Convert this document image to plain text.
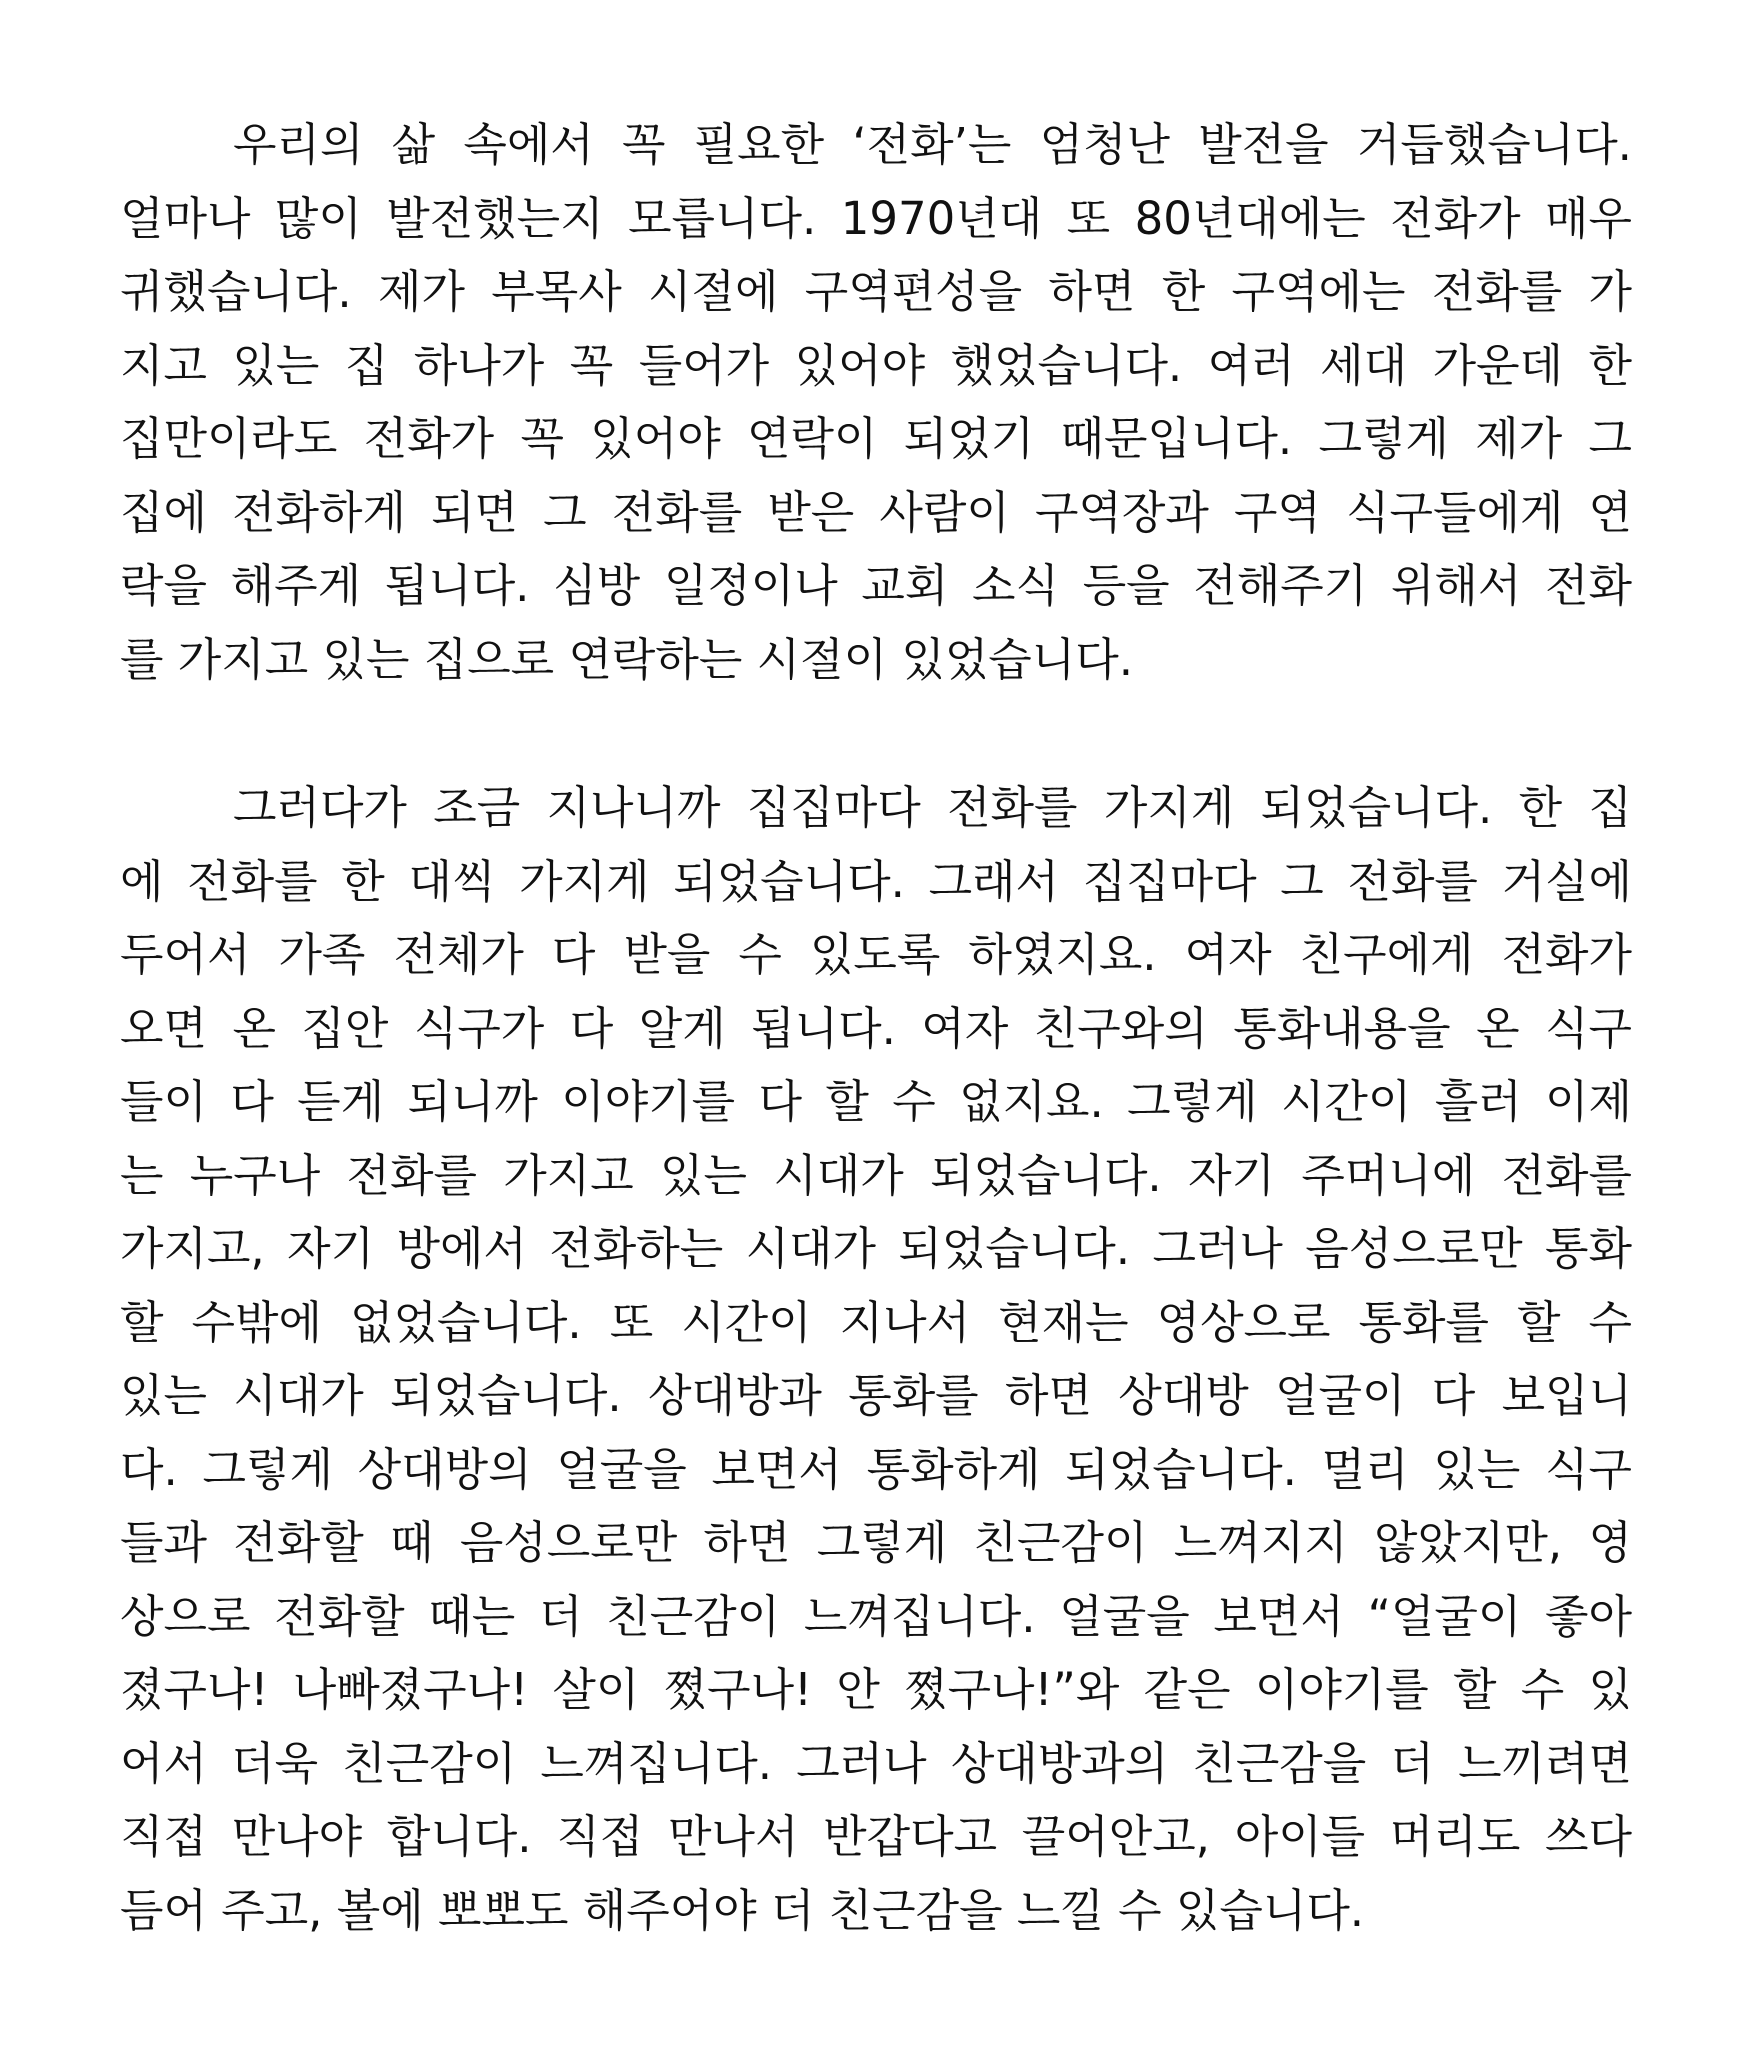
우리의 삶 속에서 꼭 필요한 ‘전화’는 엄청난 발전을 거듭했습니다.
얼마나 많이 발전했는지 모릅니다. 1970년대 또 80년대에는 전화가 매우
귀했습니다. 제가 부목사 시절에 구역편성을 하면 한 구역에는 전화를 가
지고 있는 집 하나가 꼭 들어가 있어야 했었습니다. 여러 세대 가운데 한
집만이라도 전화가 꼭 있어야 연락이 되었기 때문입니다. 그렇게 제가 그
집에 전화하게 되면 그 전화를 받은 사람이 구역장과 구역 식구들에게 연
락을 해주게 됩니다. 심방 일정이나 교회 소식 등을 전해주기 위해서 전화
를 가지고 있는 집으로 연락하는 시절이 있었습니다.
그러다가 조금 지나니까 집집마다 전화를 가지게 되었습니다. 한 집
에 전화를 한 대씩 가지게 되었습니다. 그래서 집집마다 그 전화를 거실에
두어서 가족 전체가 다 받을 수 있도록 하였지요. 여자 친구에게 전화가
오면 온 집안 식구가 다 알게 됩니다. 여자 친구와의 통화내용을 온 식구
들이 다 듣게 되니까 이야기를 다 할 수 없지요. 그렇게 시간이 흘러 이제
는 누구나 전화를 가지고 있는 시대가 되었습니다. 자기 주머니에 전화를
가지고, 자기 방에서 전화하는 시대가 되었습니다. 그러나 음성으로만 통화
할 수밖에 없었습니다. 또 시간이 지나서 현재는 영상으로 통화를 할 수
있는 시대가 되었습니다. 상대방과 통화를 하면 상대방 얼굴이 다 보입니
다. 그렇게 상대방의 얼굴을 보면서 통화하게 되었습니다. 멀리 있는 식구
들과 전화할 때 음성으로만 하면 그렇게 친근감이 느껴지지 않았지만, 영
상으로 전화할 때는 더 친근감이 느껴집니다. 얼굴을 보면서 “얼굴이 좋아
졌구나! 나빠졌구나! 살이 쪘구나! 안 쪘구나!”와 같은 이야기를 할 수 있
어서 더욱 친근감이 느껴집니다. 그러나 상대방과의 친근감을 더 느끼려면
직접 만나야 합니다. 직접 만나서 반갑다고 끌어안고, 아이들 머리도 쓰다
듬어 주고, 볼에 뽀뽀도 해주어야 더 친근감을 느낄 수 있습니다.
